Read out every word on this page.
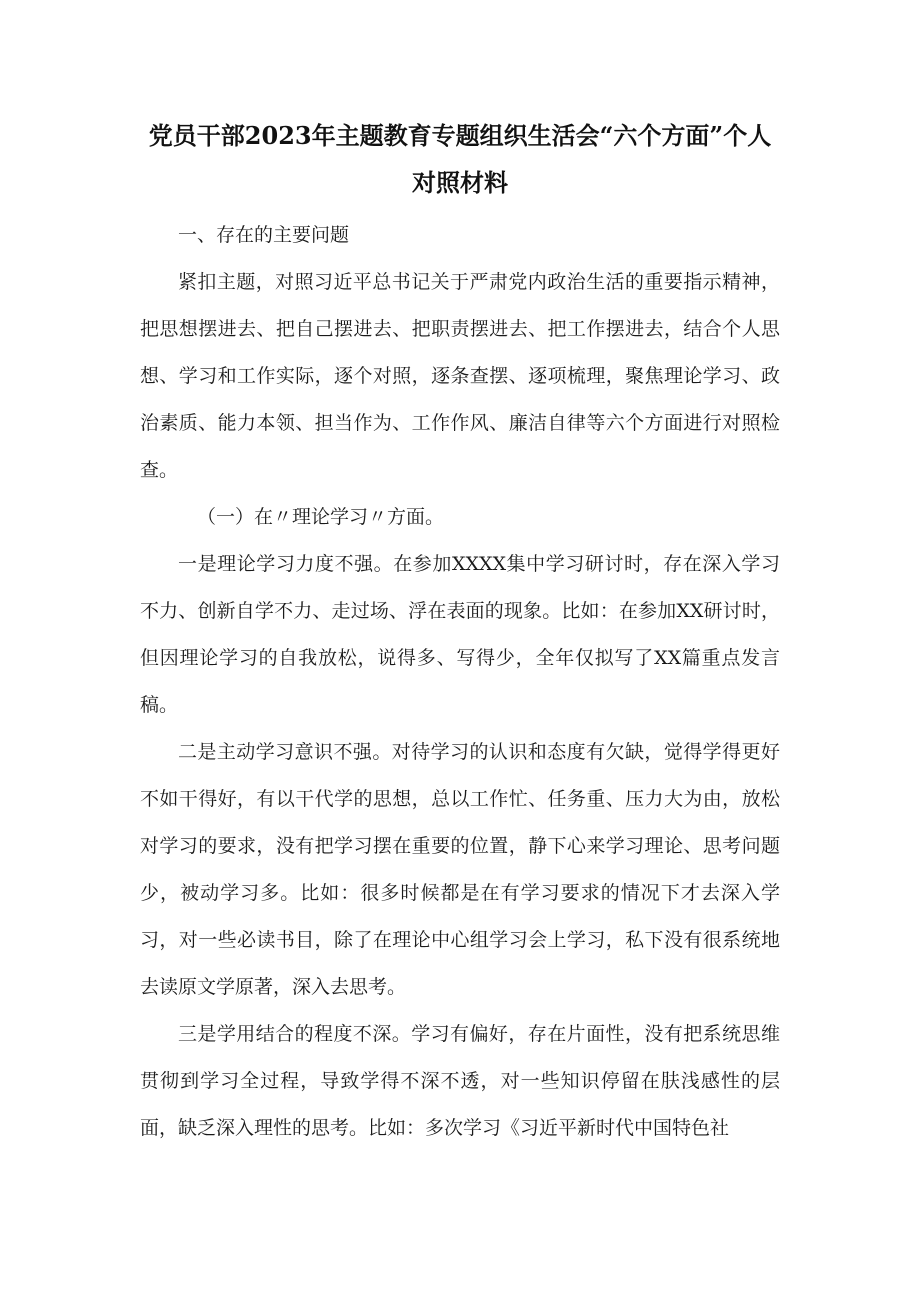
党员干部2023年主题教育专题组织生活会“六个方面”个人对照材料

一、存在的主要问题

紧扣主题，对照习近平总书记关于严肃党内政治生活的重要指示精神，把思想摆进去、把自己摆进去、把职责摆进去、把工作摆进去，结合个人思想、学习和工作实际，逐个对照，逐条查摆、逐项梳理，聚焦理论学习、政治素质、能力本领、担当作为、工作作风、廉洁自律等六个方面进行对照检查。

（一）在〃理论学习〃方面。

一是理论学习力度不强。在参加XXXX集中学习研讨时，存在深入学习不力、创新自学不力、走过场、浮在表面的现象。比如：在参加XX研讨时，但因理论学习的自我放松，说得多、写得少，全年仅拟写了XX篇重点发言稿。

二是主动学习意识不强。对待学习的认识和态度有欠缺，觉得学得更好不如干得好，有以干代学的思想，总以工作忙、任务重、压力大为由，放松对学习的要求，没有把学习摆在重要的位置，静下心来学习理论、思考问题少，被动学习多。比如：很多时候都是在有学习要求的情况下才去深入学习，对一些必读书目，除了在理论中心组学习会上学习，私下没有很系统地去读原文学原著，深入去思考。

三是学用结合的程度不深。学习有偏好，存在片面性，没有把系统思维贯彻到学习全过程，导致学得不深不透，对一些知识停留在肤浅感性的层面，缺乏深入理性的思考。比如：多次学习《习近平新时代中国特色社
